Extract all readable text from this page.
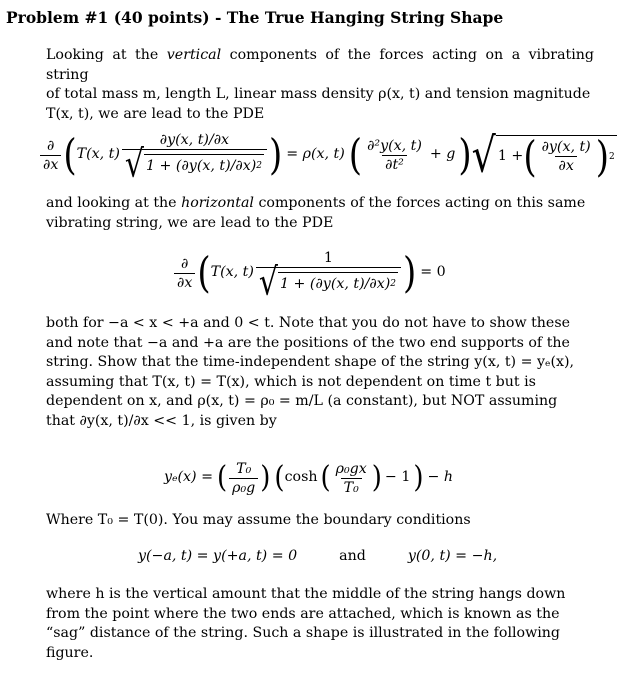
Problem #1 (40 points) - The True Hanging String Shape

Looking at the vertical components of the forces acting on a vibrating string

of total mass m, length L, linear mass density ρ(x, t) and tension magnitude

T(x, t), we are lead to the PDE

$\frac{\partial}{\partial x}$ ( T(x, $t) \frac{\partial y(x, t)/\partial x}{√ 1 + (\partial y(x, t)/\partial x) 2}$ ) = ρ(x, t) ( $\frac{\text{∂²y(x, t)}}{\text{∂t²}} + g$ ) √ 1 + ( $\frac{\partial y(x, t)}{\partial x}$ ) 2

and looking at the horizontal components of the forces acting on this same

vibrating string, we are lead to the PDE

$\frac{\partial}{\partial x}$ ( T(x, $t) \frac{1}{√ 1 + (\partial y(x, t)/\partial x) 2}$ ) = 0

both for −a < x < +a and 0 < t. Note that you do not have to show these

and note that −a and +a are the positions of the two end supports of the

string. Show that the time-independent shape of the string y(x, t) = yₑ(x),

assuming that T(x, t) = T(x), which is not dependent on time t but is

dependent on x, and ρ(x, t) = ρ₀ = m/L (a constant), but NOT assuming

that ∂y(x, t)/∂x << 1, is given by

yₑ(x) = ( $\frac{\text{T₀}}{\text{ρ₀g}}$ ) ( cosh ( $\frac{\text{ρ₀gx}}{\text{T₀}}$ ) − 1 ) − h

Where T₀ = T(0). You may assume the boundary conditions

y(−a, t) = y(+a, t) = 0	and	y(0, t) = −h,

where h is the vertical amount that the middle of the string hangs down

from the point where the two ends are attached, which is known as the

“sag” distance of the string. Such a shape is illustrated in the following

figure.
